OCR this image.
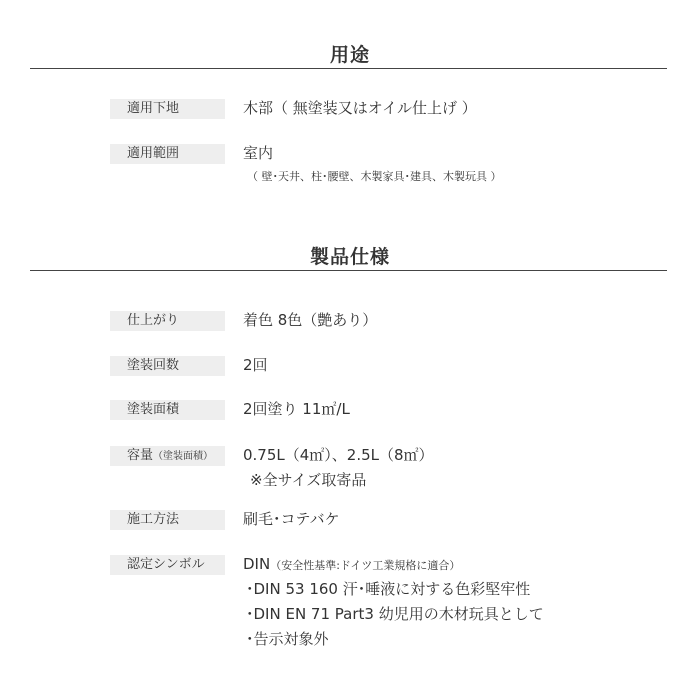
用途
適用下地	木部（ 無塗装又はオイル仕上げ ）
適用範囲	室内
（ 壁･天井、柱･腰壁、木製家具･建具、木製玩具 ）
製品仕様
仕上がり	着色 8色（艶あり）
塗装回数	2回
塗装面積	2回塗り 11㎡/L
容量（塗装面積）	0.75L（4㎡）、2.5L（8㎡）
※全サイズ取寄品
施工方法	刷毛･コテバケ
認定シンボル	DIN（安全性基準:ドイツ工業規格に適合）
･DIN 53 160 汗･唾液に対する色彩堅牢性
･DIN EN 71 Part3 幼児用の木材玩具として
･告示対象外
